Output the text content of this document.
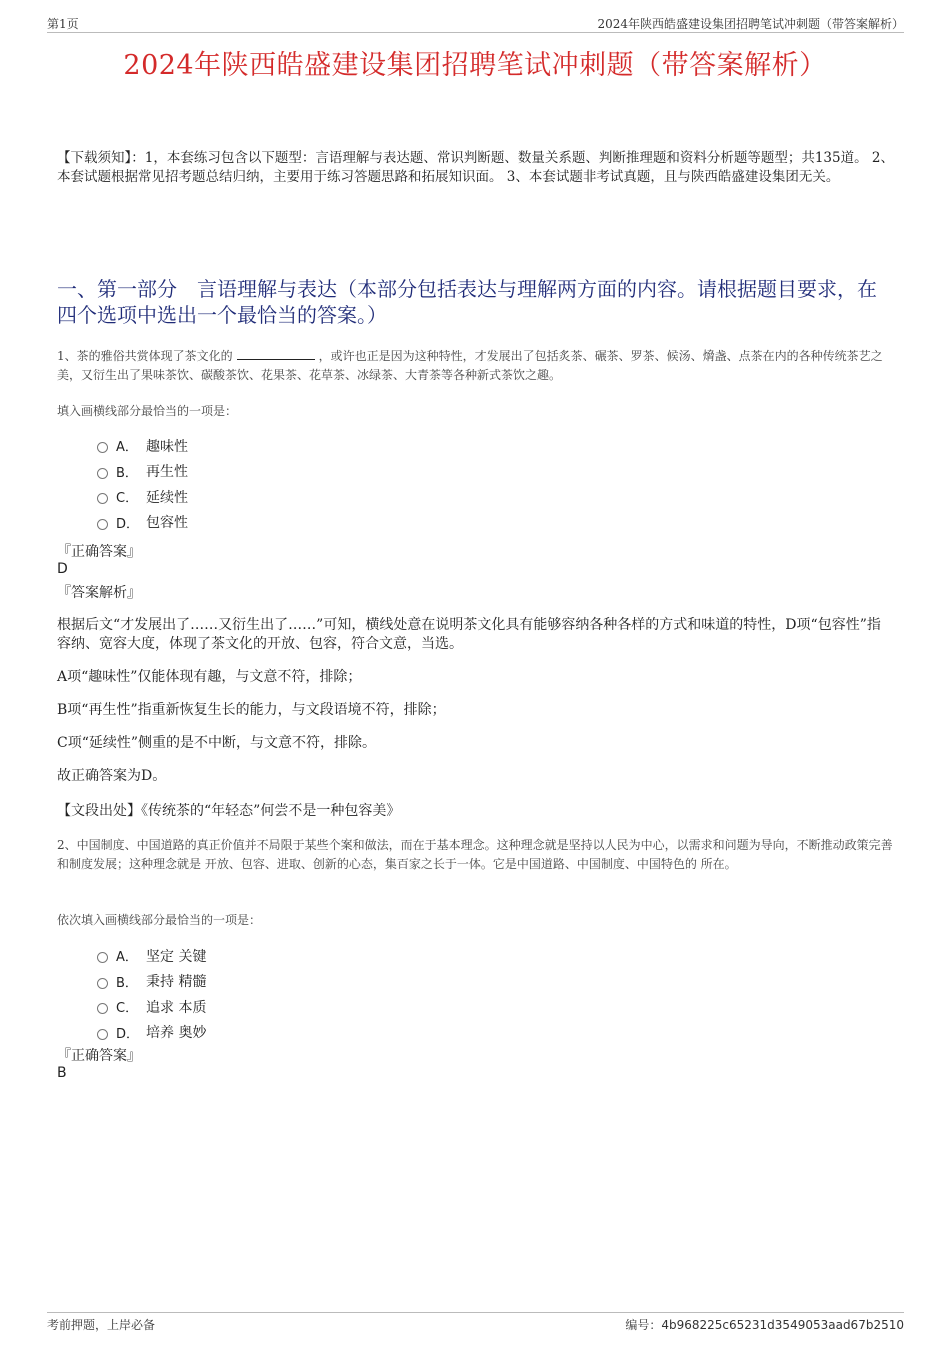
第1页	2024年陕西皓盛建设集团招聘笔试冲刺题（带答案解析）
2024年陕西皓盛建设集团招聘笔试冲刺题（带答案解析）
【下载须知】：1，本套练习包含以下题型：言语理解与表达题、常识判断题、数量关系题、判断推理题和资料分析题等题型；共135道。 2、本套试题根据常见招考题总结归纳，主要用于练习答题思路和拓展知识面。 3、本套试题非考试真题，且与陕西皓盛建设集团无关。
一、第一部分　言语理解与表达（本部分包括表达与理解两方面的内容。请根据题目要求，在四个选项中选出一个最恰当的答案。）
1、茶的雅俗共赏体现了茶文化的	，或许也正是因为这种特性，才发展出了包括炙茶、碾茶、罗茶、候汤、熁盏、点茶在内的各种传统茶艺之美，又衍生出了果味茶饮、碳酸茶饮、花果茶、花草茶、冰绿茶、大青茶等各种新式茶饮之趣。
填入画横线部分最恰当的一项是：
A． 趣味性
B． 再生性
C． 延续性
D． 包容性
『正确答案』
D
『答案解析』
根据后文“才发展出了……又衍生出了……”可知，横线处意在说明茶文化具有能够容纳各种各样的方式和味道的特性，D项“包容性”指容纳、宽容大度，体现了茶文化的开放、包容，符合文意，当选。
A项“趣味性”仅能体现有趣，与文意不符，排除；
B项“再生性”指重新恢复生长的能力，与文段语境不符，排除；
C项“延续性”侧重的是不中断，与文意不符，排除。
故正确答案为D。
【文段出处】《传统茶的“年轻态”何尝不是一种包容美》
2、中国制度、中国道路的真正价值并不局限于某些个案和做法，而在于基本理念。这种理念就是坚持以人民为中心，以需求和问题为导向，不断推动政策完善和制度发展；这种理念就是 开放、包容、进取、创新的心态，集百家之长于一体。它是中国道路、中国制度、中国特色的 所在。
依次填入画横线部分最恰当的一项是：
A． 坚定 关键
B． 秉持 精髓
C． 追求 本质
D． 培养 奥妙
『正确答案』
B
考前押题，上岸必备	编号：4b968225c65231d3549053aad67b2510
